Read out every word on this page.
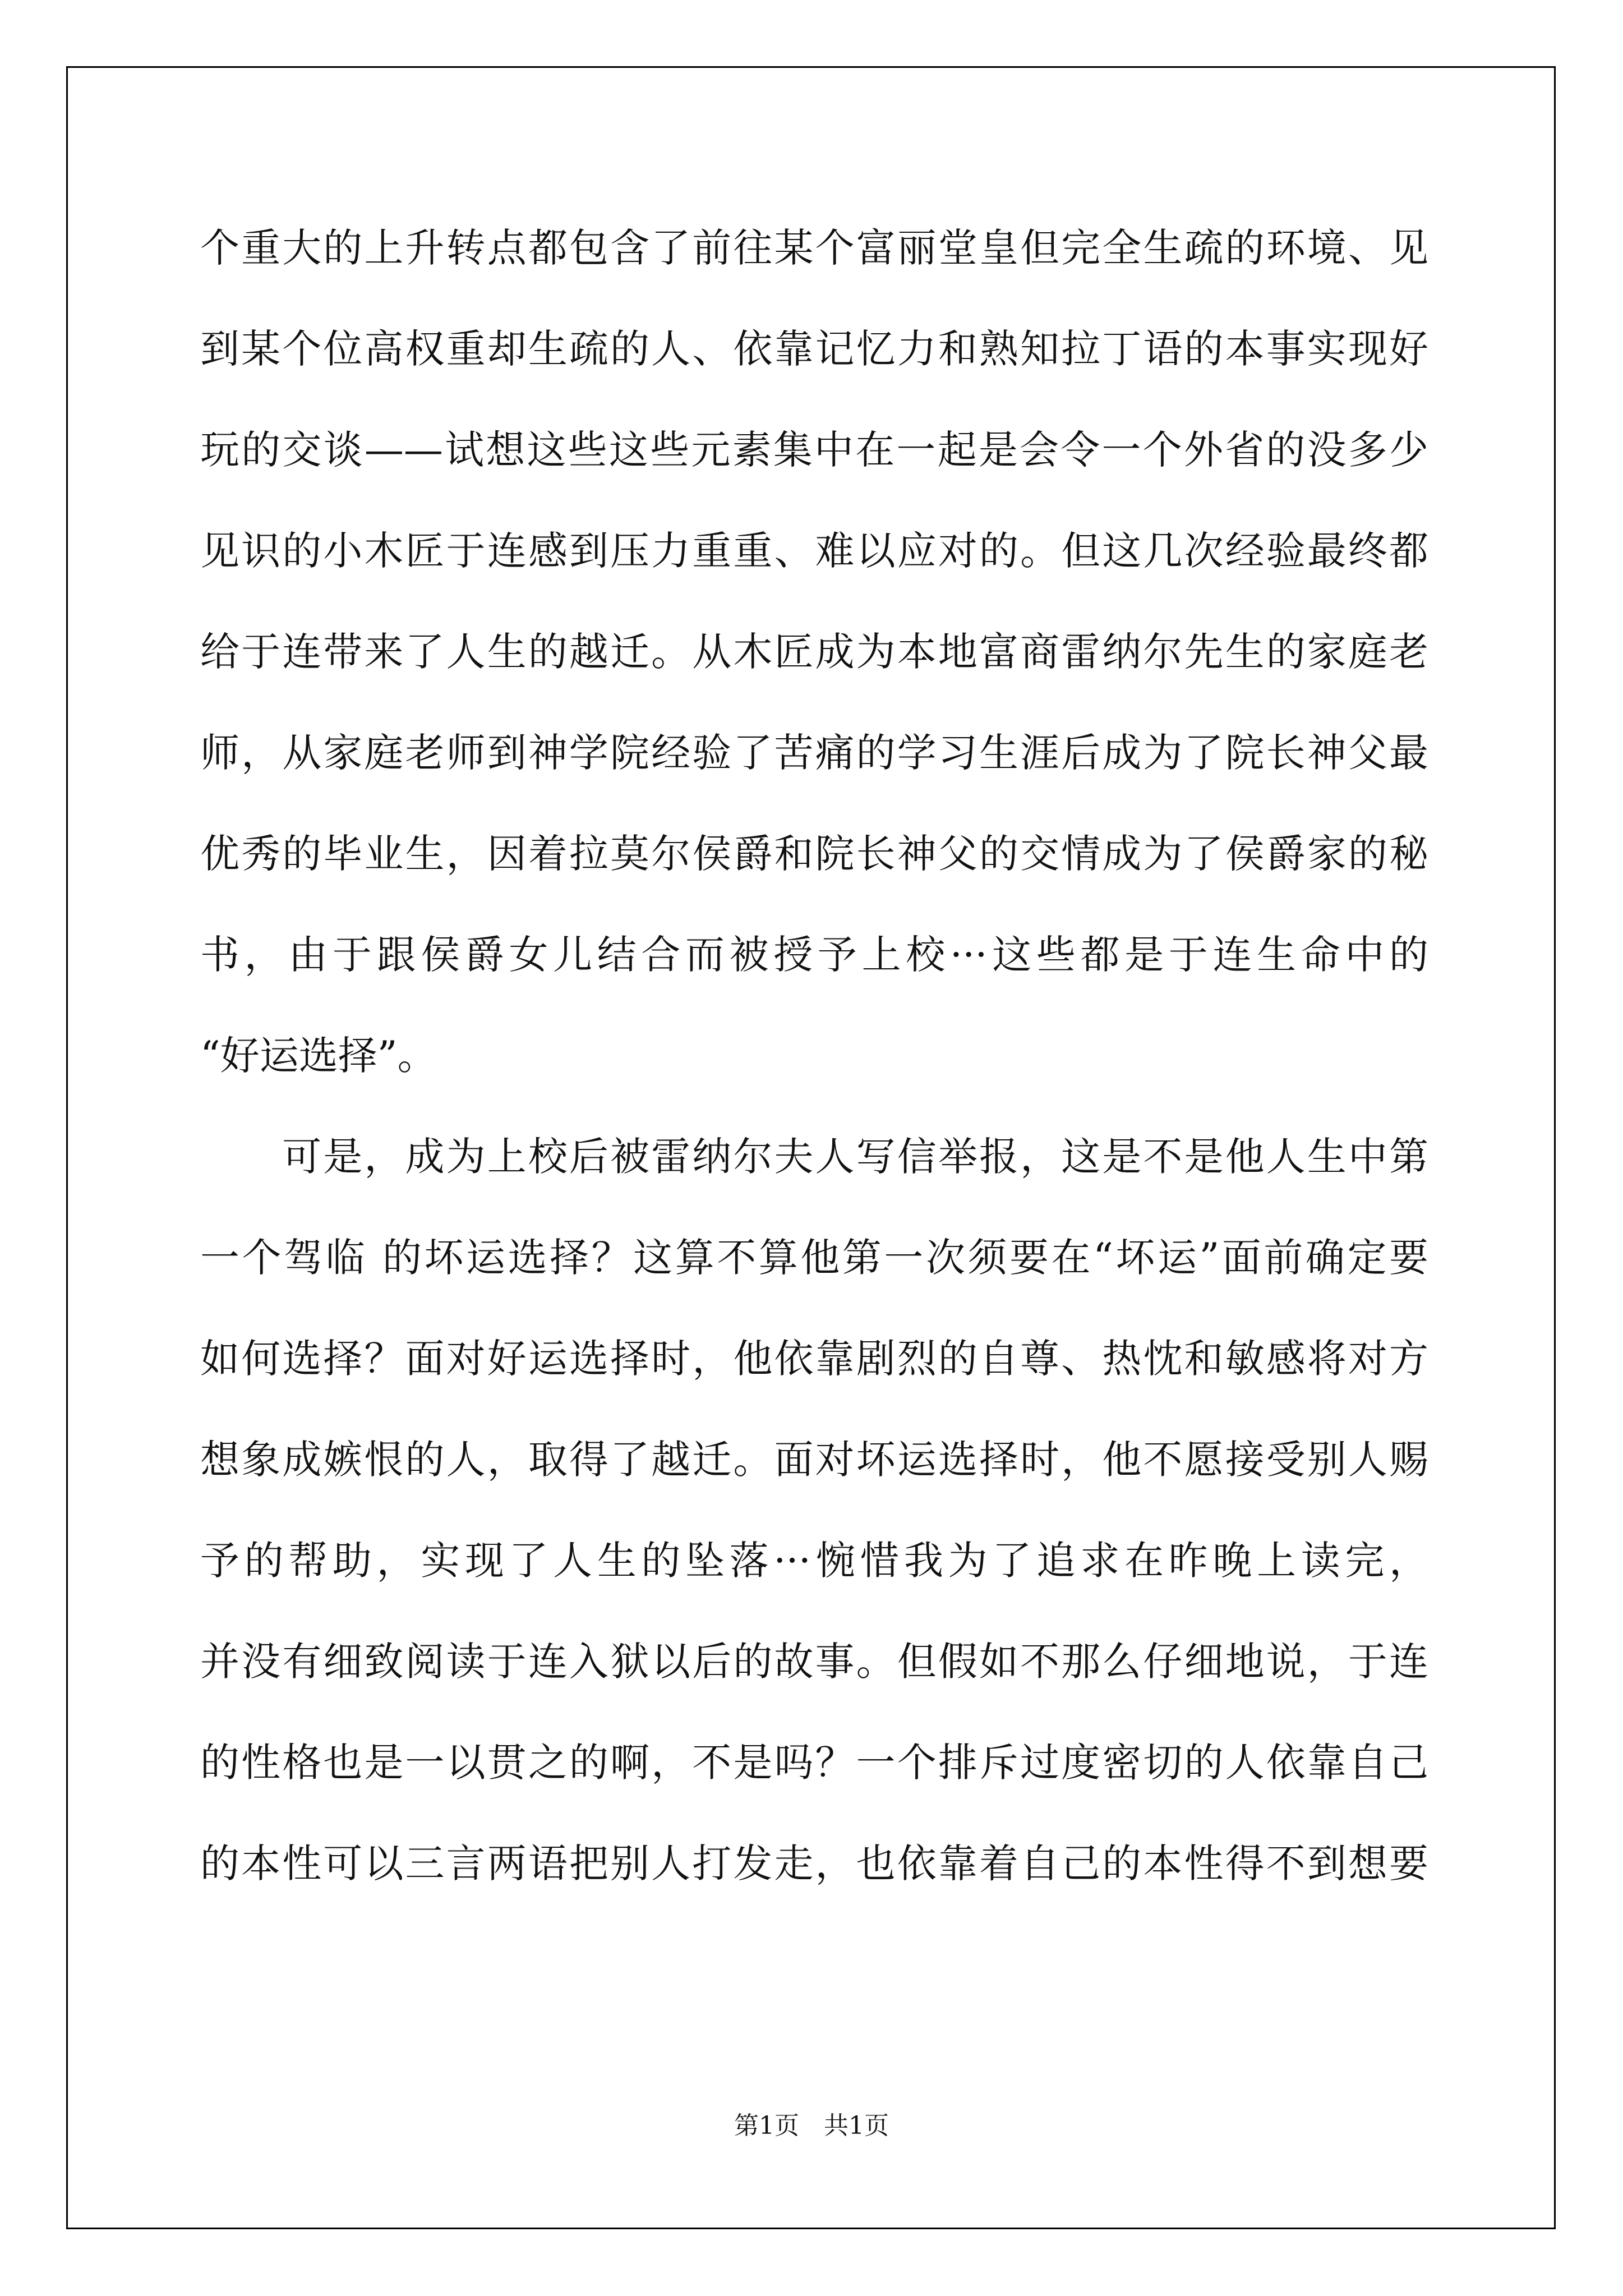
个重大的上升转点都包含了前往某个富丽堂皇但完全生疏的环境、见
到某个位高权重却生疏的人、依靠记忆力和熟知拉丁语的本事实现好
玩的交谈——试想这些这些元素集中在一起是会令一个外省的没多少
见识的小木匠于连感到压力重重、难以应对的。但这几次经验最终都
给于连带来了人生的越迁。从木匠成为本地富商雷纳尔先生的家庭老
师，从家庭老师到神学院经验了苦痛的学习生涯后成为了院长神父最
优秀的毕业生，因着拉莫尔侯爵和院长神父的交情成为了侯爵家的秘
书，由于跟侯爵女儿结合而被授予上校···这些都是于连生命中的
“好运选择”。
　　可是，成为上校后被雷纳尔夫人写信举报，这是不是他人生中第
一个驾临 的坏运选择？这算不算他第一次须要在“坏运”面前确定要
如何选择？面对好运选择时，他依靠剧烈的自尊、热忱和敏感将对方
想象成嫉恨的人，取得了越迁。面对坏运选择时，他不愿接受别人赐
予的帮助，实现了人生的坠落···惋惜我为了追求在昨晚上读完，
并没有细致阅读于连入狱以后的故事。但假如不那么仔细地说，于连
的性格也是一以贯之的啊，不是吗？一个排斥过度密切的人依靠自己
的本性可以三言两语把别人打发走，也依靠着自己的本性得不到想要
第1页　共1页
